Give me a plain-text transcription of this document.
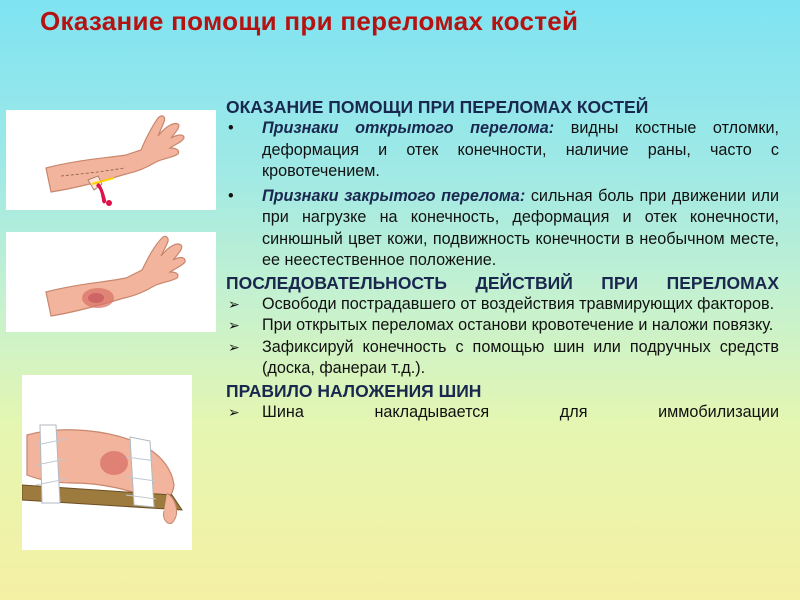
Оказание помощи при переломах костей
ОКАЗАНИЕ ПОМОЩИ ПРИ ПЕРЕЛОМАХ КОСТЕЙ
• Признаки открытого перелома: видны костные отломки, деформация и отек конечности, наличие раны, часто с кровотечением.
• Признаки закрытого перелома: сильная боль при движении или при нагрузке на конечность, деформация и отек конечности, синюшный цвет кожи, подвижность конечности в необычном месте, ее неестественное положение.
ПОСЛЕДОВАТЕЛЬНОСТЬ ДЕЙСТВИЙ ПРИ ПЕРЕЛОМАХ
➢ Освободи пострадавшего от воздействия травмирующих факторов.
➢ При открытых переломах останови кровотечение и наложи повязку.
➢ Зафиксируй конечность с помощью шин или подручных средств (доска, фанераи т.д.).
ПРАВИЛО НАЛОЖЕНИЯ ШИН
➢ Шина накладывается для иммобилизации
